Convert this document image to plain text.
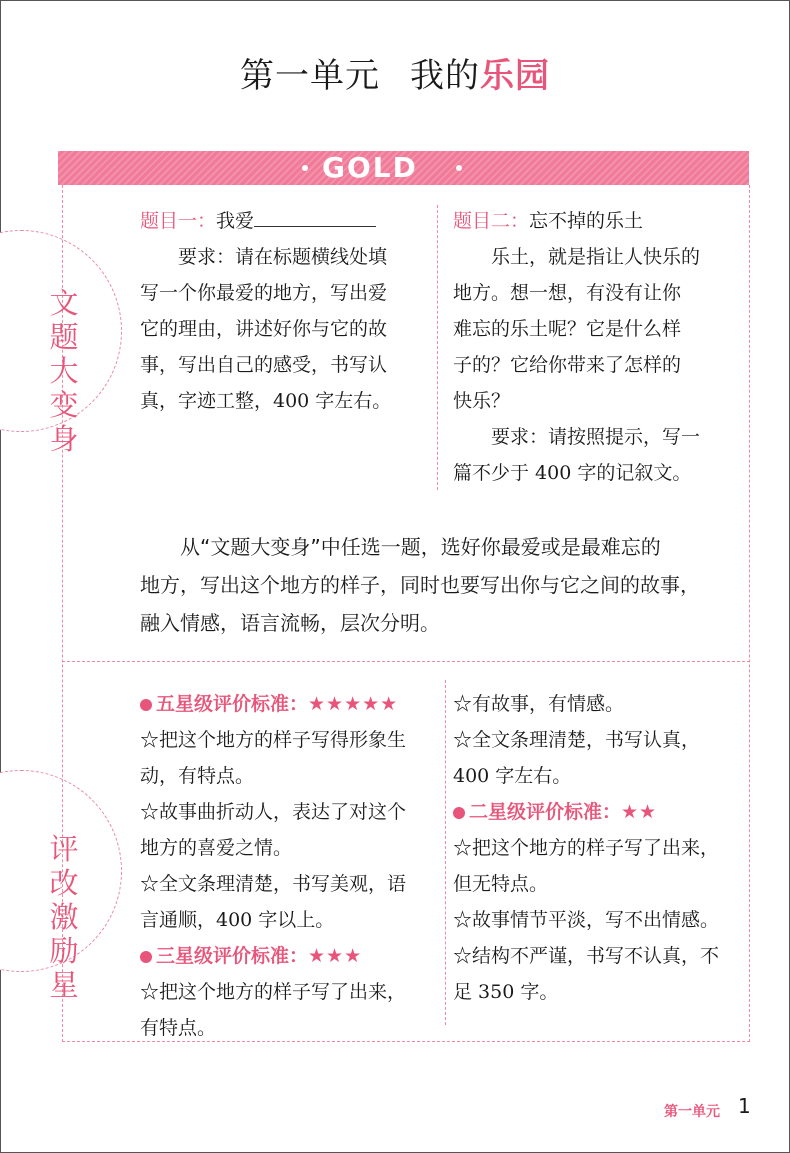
第一单元 我的乐园
GOLD
文
题
大
变
身
评
改
激
励
星
题目一：我爱
要求：请在标题横线处填
写一个你最爱的地方，写出爱
它的理由，讲述好你与它的故
事，写出自己的感受，书写认
真，字迹工整，400 字左右。
题目二：忘不掉的乐土
乐土，就是指让人快乐的
地方。想一想，有没有让你
难忘的乐土呢？它是什么样
子的？它给你带来了怎样的
快乐？
要求：请按照提示，写一
篇不少于 400 字的记叙文。
从“文题大变身”中任选一题，选好你最爱或是最难忘的
地方，写出这个地方的样子，同时也要写出你与它之间的故事，
融入情感，语言流畅，层次分明。
五星级评价标准：★★★★★
☆把这个地方的样子写得形象生
动，有特点。
☆故事曲折动人，表达了对这个
地方的喜爱之情。
☆全文条理清楚，书写美观，语
言通顺，400 字以上。
三星级评价标准：★★★
☆把这个地方的样子写了出来，
有特点。
☆有故事，有情感。
☆全文条理清楚，书写认真，
400 字左右。
二星级评价标准：★★
☆把这个地方的样子写了出来，
但无特点。
☆故事情节平淡，写不出情感。
☆结构不严谨，书写不认真，不
足 350 字。
第一单元 1
